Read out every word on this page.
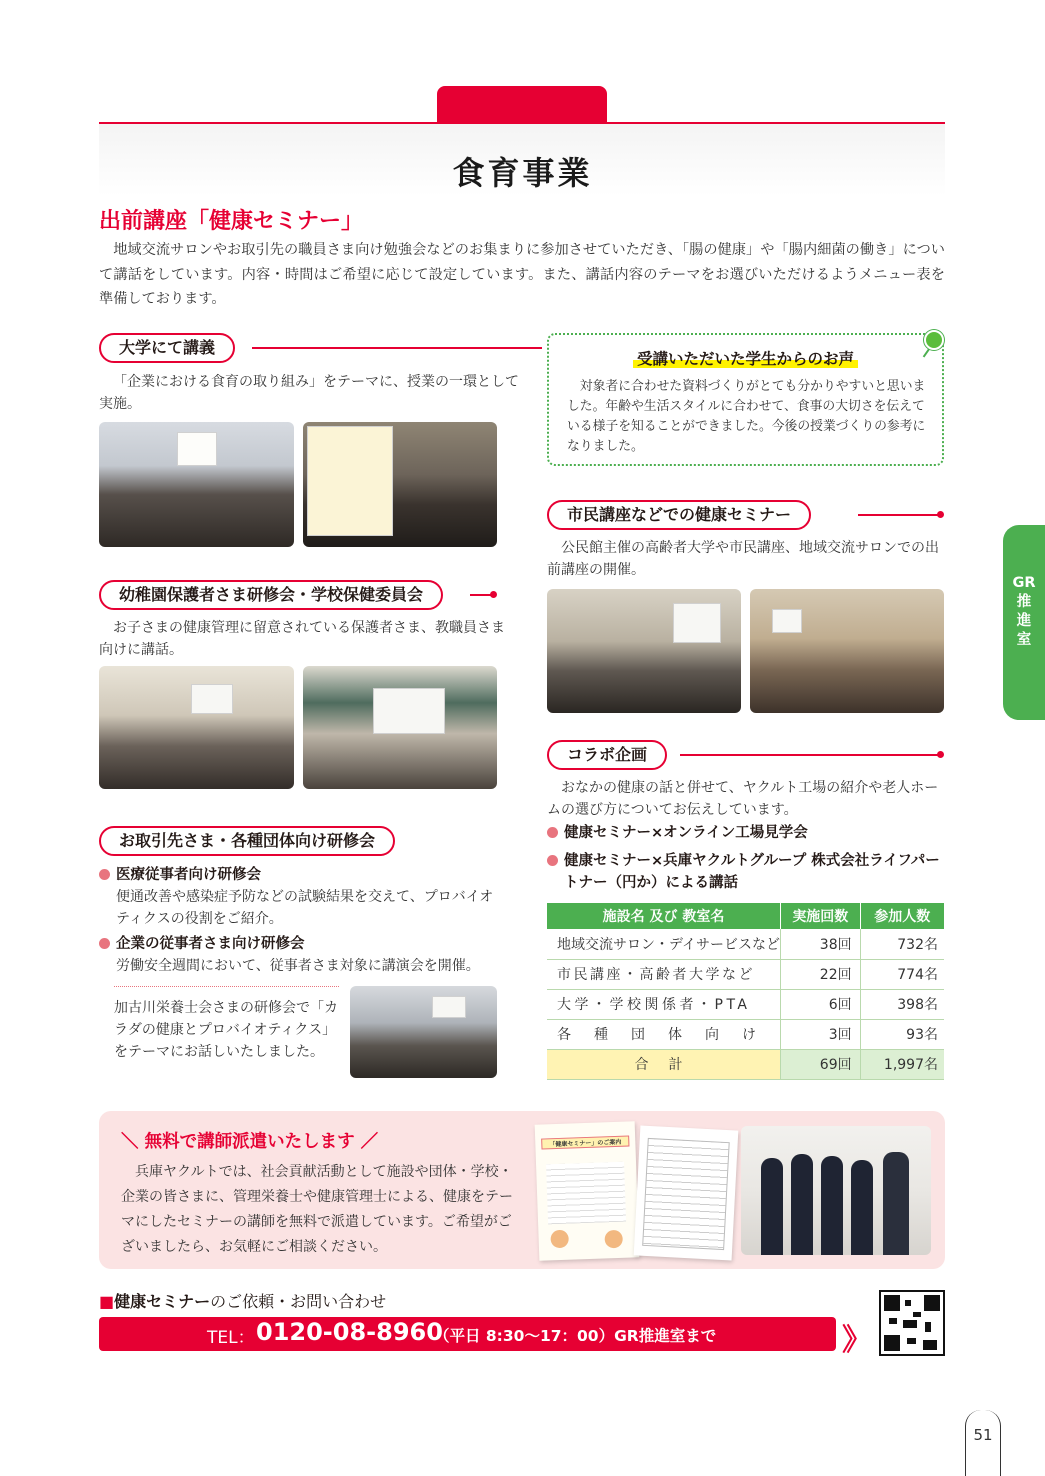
食育事業
出前講座「健康セミナー」

地域交流サロンやお取引先の職員さま向け勉強会などのお集まりに参加させていただき、「腸の健康」や「腸内細菌の働き」について講話をしています。内容・時間はご希望に応じて設定しています。また、講話内容のテーマをお選びいただけるようメニュー表を準備しております。

大学にて講義

「企業における食育の取り組み」をテーマに、授業の一環として実施。

幼稚園保護者さま研修会・学校保健委員会

お子さまの健康管理に留意されている保護者さま、教職員さま向けに講話。

お取引先さま・各種団体向け研修会
医療従事者向け研修会

便通改善や感染症予防などの試験結果を交えて、プロバイオティクスの役割をご紹介。

企業の従事者さま向け研修会

労働安全週間において、従事者さま対象に講演会を開催。

加古川栄養士会さまの研修会で「カラダの健康とプロバイオティクス」をテーマにお話しいたしました。

受講いただいた学生からのお声

対象者に合わせた資料づくりがとても分かりやすいと思いました。年齢や生活スタイルに合わせて、食事の大切さを伝えている様子を知ることができました。今後の授業づくりの参考になりました。

市民講座などでの健康セミナー

公民館主催の高齢者大学や市民講座、地域交流サロンでの出前講座の開催。

コラボ企画

おなかの健康の話と併せて、ヤクルト工場の紹介や老人ホームの選び方についてお伝えしています。

健康セミナー×オンライン工場見学会
健康セミナー×兵庫ヤクルトグループ 株式会社ライフパートナー（円か）による講話
施設名 及び 教室名	実施回数	参加人数
地域交流サロン・デイサービスなど	38回	732名
市民講座・高齢者大学など	22回	774名
大学・学校関係者・PTA	6回	398名
各種団体向け	3回	93名
合計	69回	1,997名
GR推進室
＼ 無料で講師派遣いたします ／

兵庫ヤクルトでは、社会貢献活動として施設や団体・学校・企業の皆さまに、管理栄養士や健康管理士による、健康をテーマにしたセミナーの講師を無料で派遣しています。ご希望がございましたら、お気軽にご相談ください。

「健康セミナー」のご案内
■健康セミナーのご依頼・お問い合わせ
TEL： 0120-08-8960
（平日 8:30～17：00）GR推進室まで	》
51
